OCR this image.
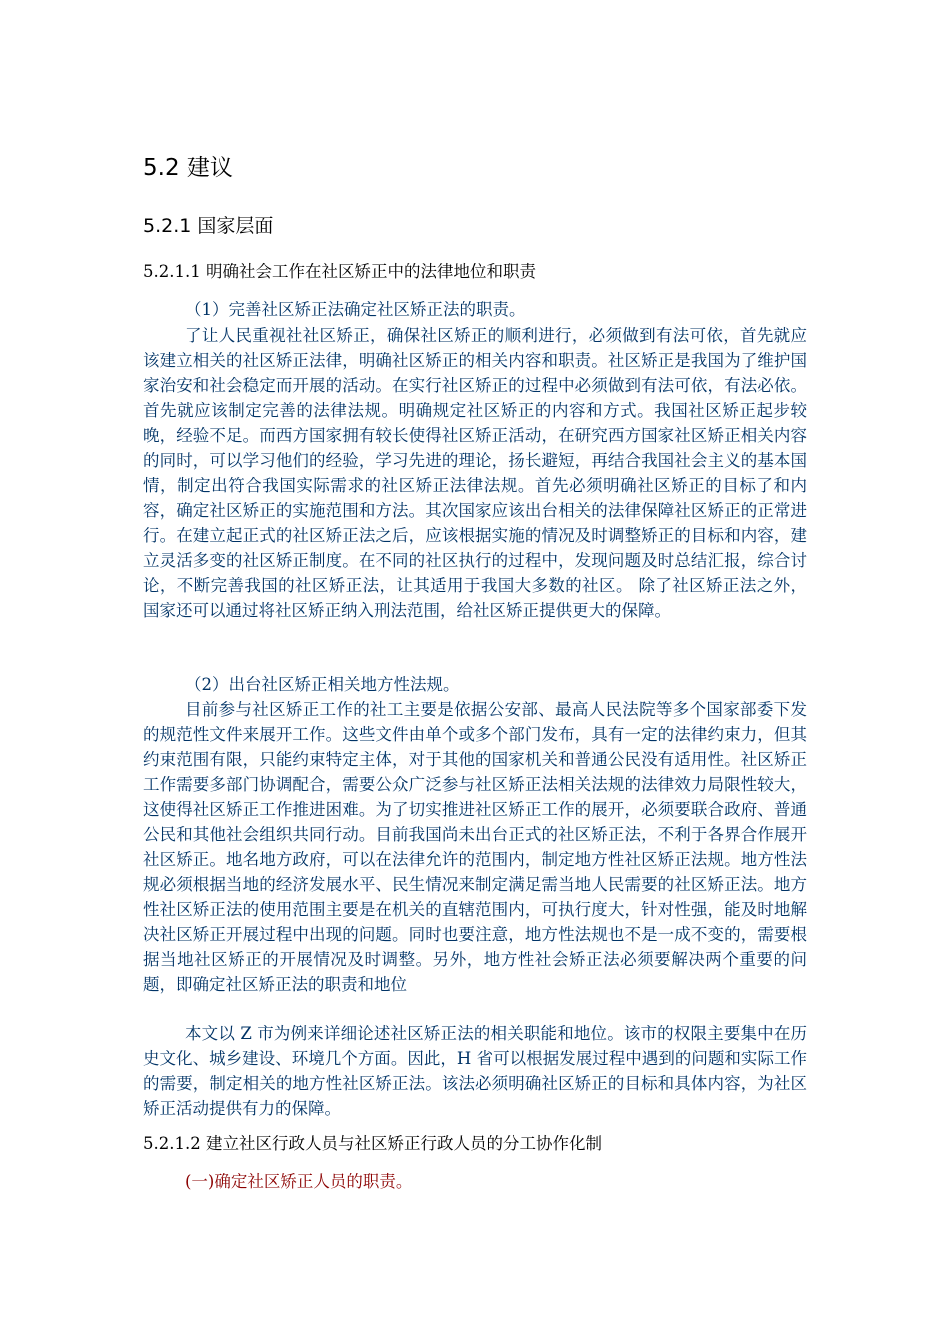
5.2 建议
5.2.1 国家层面
5.2.1.1 明确社会工作在社区矫正中的法律地位和职责
（1）完善社区矫正法确定社区矫正法的职责。

了让人民重视社社区矫正，确保社区矫正的顺利进行，必须做到有法可依，首先就应该建立相关的社区矫正法律，明确社区矫正的相关内容和职责。社区矫正是我国为了维护国家治安和社会稳定而开展的活动。在实行社区矫正的过程中必须做到有法可依，有法必依。首先就应该制定完善的法律法规。明确规定社区矫正的内容和方式。我国社区矫正起步较晚，经验不足。而西方国家拥有较长使得社区矫正活动，在研究西方国家社区矫正相关内容的同时，可以学习他们的经验，学习先进的理论，扬长避短，再结合我国社会主义的基本国情，制定出符合我国实际需求的社区矫正法律法规。首先必须明确社区矫正的目标了和内容，确定社区矫正的实施范围和方法。其次国家应该出台相关的法律保障社区矫正的正常进行。在建立起正式的社区矫正法之后，应该根据实施的情况及时调整矫正的目标和内容，建立灵活多变的社区矫正制度。在不同的社区执行的过程中，发现问题及时总结汇报，综合讨论，不断完善我国的社区矫正法，让其适用于我国大多数的社区。 除了社区矫正法之外，国家还可以通过将社区矫正纳入刑法范围，给社区矫正提供更大的保障。

（2）出台社区矫正相关地方性法规。

目前参与社区矫正工作的社工主要是依据公安部、最高人民法院等多个国家部委下发的规范性文件来展开工作。这些文件由单个或多个部门发布，具有一定的法律约束力，但其约束范围有限，只能约束特定主体，对于其他的国家机关和普通公民没有适用性。社区矫正工作需要多部门协调配合，需要公众广泛参与社区矫正法相关法规的法律效力局限性较大，这使得社区矫正工作推进困难。为了切实推进社区矫正工作的展开，必须要联合政府、普通公民和其他社会组织共同行动。目前我国尚未出台正式的社区矫正法，不利于各界合作展开社区矫正。地名地方政府，可以在法律允许的范围内，制定地方性社区矫正法规。地方性法规必须根据当地的经济发展水平、民生情况来制定满足需当地人民需要的社区矫正法。地方性社区矫正法的使用范围主要是在机关的直辖范围内，可执行度大，针对性强，能及时地解决社区矫正开展过程中出现的问题。同时也要注意，地方性法规也不是一成不变的，需要根据当地社区矫正的开展情况及时调整。另外，地方性社会矫正法必须要解决两个重要的问题，即确定社区矫正法的职责和地位

本文以 Z 市为例来详细论述社区矫正法的相关职能和地位。该市的权限主要集中在历史文化、城乡建设、环境几个方面。因此，H 省可以根据发展过程中遇到的问题和实际工作的需要，制定相关的地方性社区矫正法。该法必须明确社区矫正的目标和具体内容，为社区矫正活动提供有力的保障。

5.2.1.2 建立社区行政人员与社区矫正行政人员的分工协作化制
(一)确定社区矫正人员的职责。
